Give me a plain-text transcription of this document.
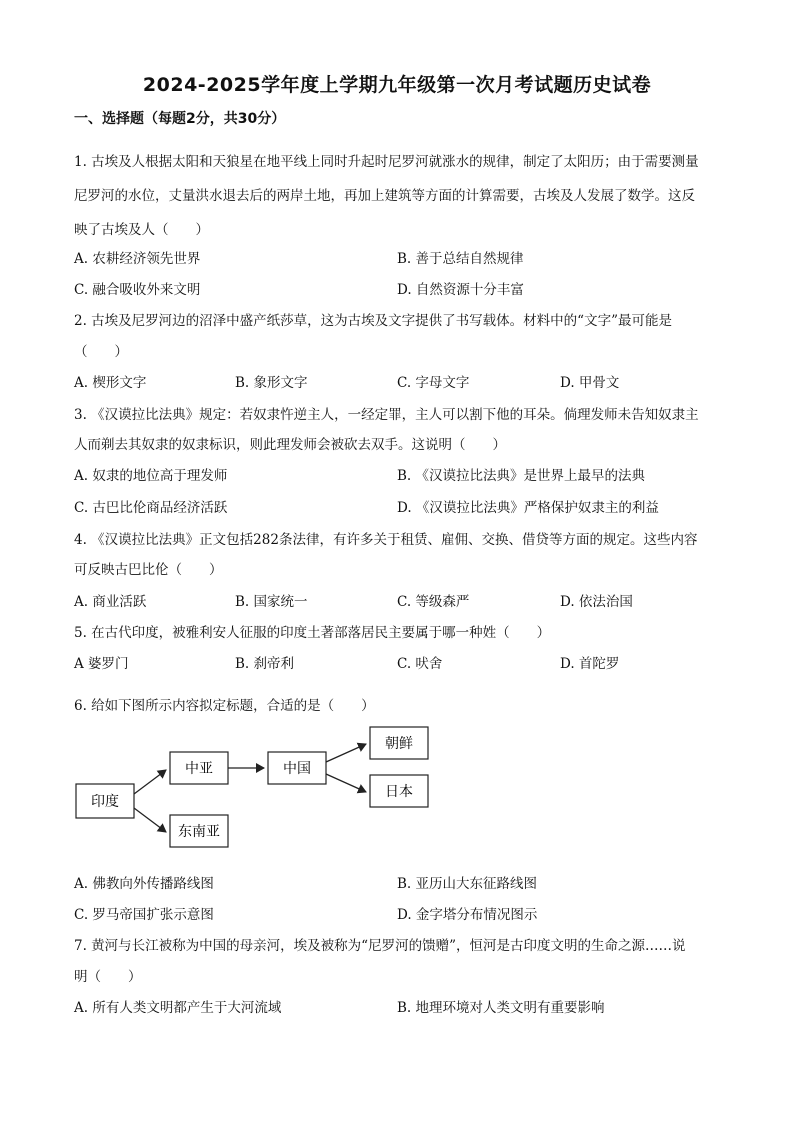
2024-2025学年度上学期九年级第一次月考试题历史试卷
一、选择题（每题2分，共30分）
1. 古埃及人根据太阳和天狼星在地平线上同时升起时尼罗河就涨水的规律，制定了太阳历；由于需要测量
尼罗河的水位，丈量洪水退去后的两岸土地，再加上建筑等方面的计算需要，古埃及人发展了数学。这反
映了古埃及人（　　）
A. 农耕经济领先世界	B. 善于总结自然规律
C. 融合吸收外来文明	D. 自然资源十分丰富
2. 古埃及尼罗河边的沼泽中盛产纸莎草，这为古埃及文字提供了书写载体。材料中的“文字”最可能是
（　　）
A. 楔形文字	B. 象形文字	C. 字母文字	D. 甲骨文
3. 《汉谟拉比法典》规定：若奴隶忤逆主人，一经定罪，主人可以割下他的耳朵。倘理发师未告知奴隶主
人而剃去其奴隶的奴隶标识，则此理发师会被砍去双手。这说明（　　）
A. 奴隶的地位高于理发师	B. 《汉谟拉比法典》是世界上最早的法典
C. 古巴比伦商品经济活跃	D. 《汉谟拉比法典》严格保护奴隶主的利益
4. 《汉谟拉比法典》正文包括282条法律，有许多关于租赁、雇佣、交换、借贷等方面的规定。这些内容
可反映古巴比伦（　　）
A. 商业活跃	B. 国家统一	C. 等级森严	D. 依法治国
5. 在古代印度，被雅利安人征服的印度土著部落居民主要属于哪一种姓（　　）
A 婆罗门	B. 刹帝利	C. 吠舍	D. 首陀罗
6. 给如下图所示内容拟定标题，合适的是（　　）
印度
中亚
东南亚
中国
朝鲜
日本
A. 佛教向外传播路线图	B. 亚历山大东征路线图
C. 罗马帝国扩张示意图	D. 金字塔分布情况图示
7. 黄河与长江被称为中国的母亲河，埃及被称为“尼罗河的馈赠”，恒河是古印度文明的生命之源……说
明（　　）
A. 所有人类文明都产生于大河流域	B. 地理环境对人类文明有重要影响
